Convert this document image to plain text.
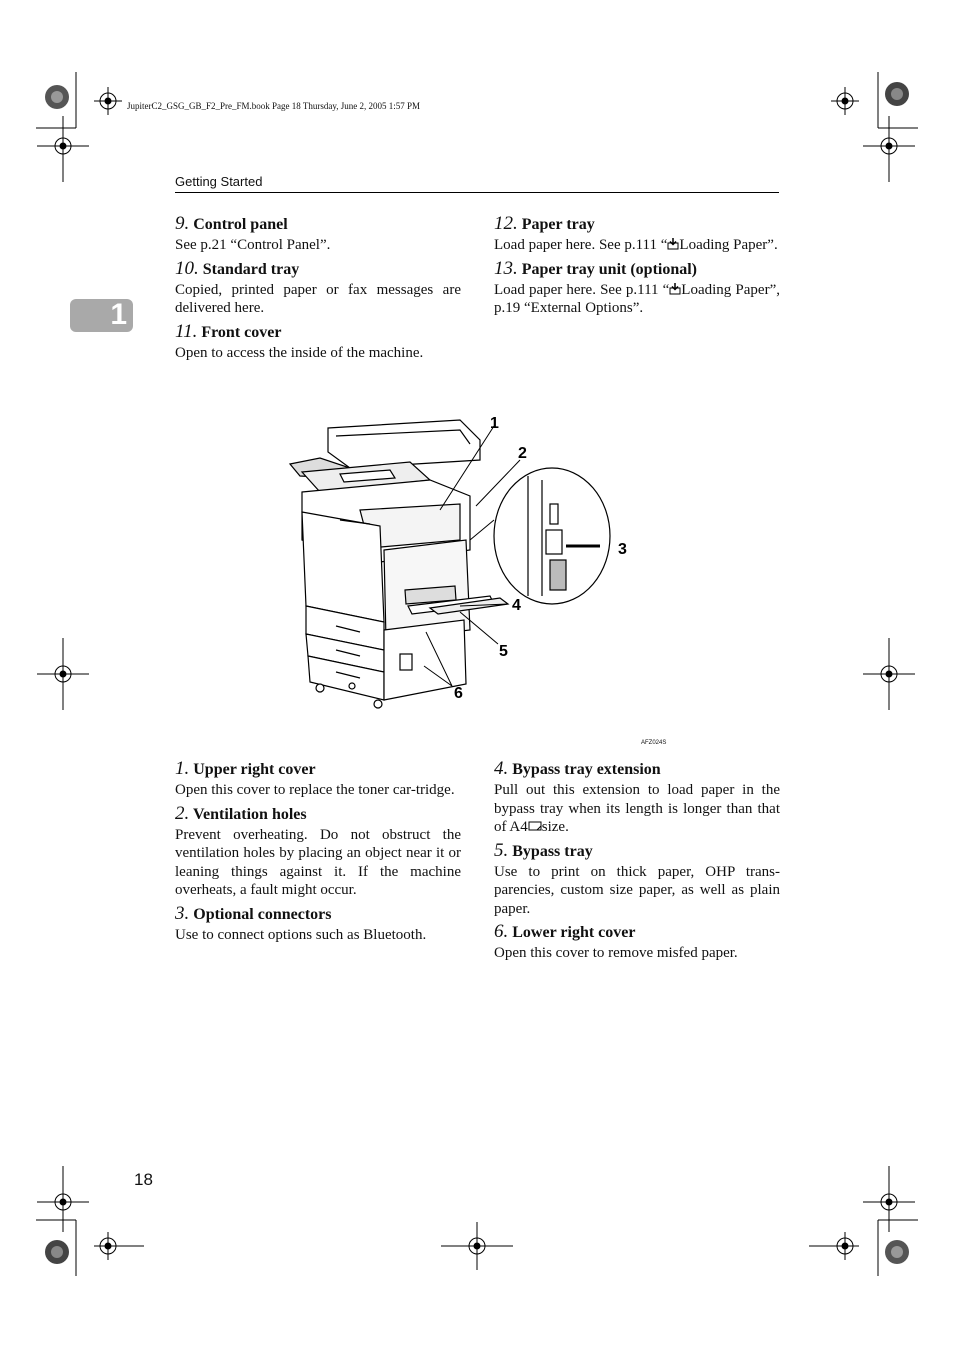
JupiterC2_GSG_GB_F2_Pre_FM.book Page 18 Thursday, June 2, 2005 1:57 PM
Getting Started
1
9. Control panel

See p.21 “Control Panel”.

10. Standard tray

Copied, printed paper or fax messages are delivered here.

11. Front cover

Open to access the inside of the machine.

12. Paper tray

Load paper here. See p.111 “ Loading Paper”.

13. Paper tray unit (optional)

Load paper here. See p.111 “ Loading Paper”, p.19 “External Options”.

1
2
3
4
5
6
AFZ024S
1. Upper right cover

Open this cover to replace the toner car-tridge.

2. Ventilation holes

Prevent overheating. Do not obstruct the ventilation holes by placing an object near it or leaning things against it. If the machine overheats, a fault might occur.

3. Optional connectors

Use to connect options such as Bluetooth.

4. Bypass tray extension

Pull out this extension to load paper in the bypass tray when its length is longer than that of A4 size.

5. Bypass tray

Use to print on thick paper, OHP trans-parencies, custom size paper, as well as plain paper.

6. Lower right cover

Open this cover to remove misfed paper.

18
